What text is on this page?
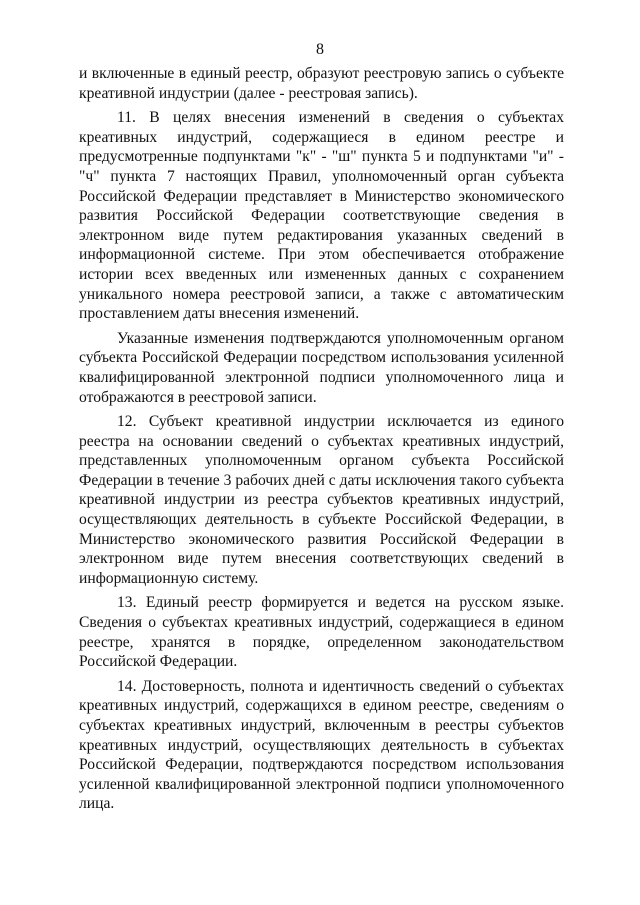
8

и включенные в единый реестр, образуют реестровую запись о субъекте креативной индустрии (далее - реестровая запись).

11. В целях внесения изменений в сведения о субъектах креативных индустрий, содержащиеся в едином реестре и предусмотренные подпунктами "к" - "ш" пункта 5 и подпунктами "и" - "ч" пункта 7 настоящих Правил, уполномоченный орган субъекта Российской Федерации представляет в Министерство экономического развития Российской Федерации соответствующие сведения в электронном виде путем редактирования указанных сведений в информационной системе. При этом обеспечивается отображение истории всех введенных или измененных данных с сохранением уникального номера реестровой записи, а также с автоматическим проставлением даты внесения изменений.

Указанные изменения подтверждаются уполномоченным органом субъекта Российской Федерации посредством использования усиленной квалифицированной электронной подписи уполномоченного лица и отображаются в реестровой записи.

12. Субъект креативной индустрии исключается из единого реестра на основании сведений о субъектах креативных индустрий, представленных уполномоченным органом субъекта Российской Федерации в течение 3 рабочих дней с даты исключения такого субъекта креативной индустрии из реестра субъектов креативных индустрий, осуществляющих деятельность в субъекте Российской Федерации, в Министерство экономического развития Российской Федерации в электронном виде путем внесения соответствующих сведений в информационную систему.

13. Единый реестр формируется и ведется на русском языке. Сведения о субъектах креативных индустрий, содержащиеся в едином реестре, хранятся в порядке, определенном законодательством Российской Федерации.

14. Достоверность, полнота и идентичность сведений о субъектах креативных индустрий, содержащихся в едином реестре, сведениям о субъектах креативных индустрий, включенным в реестры субъектов креативных индустрий, осуществляющих деятельность в субъектах Российской Федерации, подтверждаются посредством использования усиленной квалифицированной электронной подписи уполномоченного лица.
